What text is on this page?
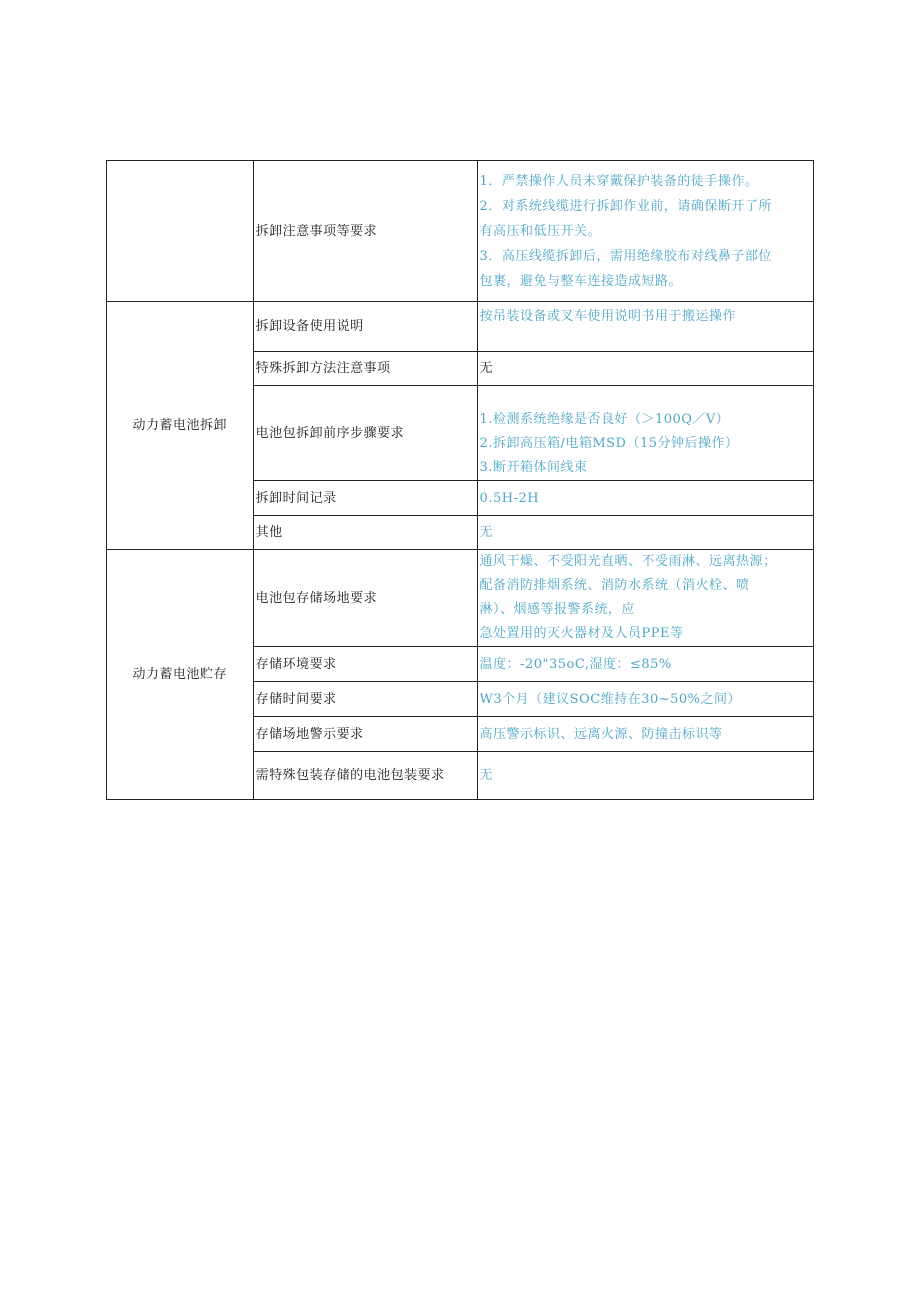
	拆卸注意事项等要求	1．严禁操作人员未穿戴保护装备的徒手操作。
2．对系统线缆进行拆卸作业前，请确保断开了所
有高压和低压开关。
3．高压线缆拆卸后，需用绝缘胶布对线鼻子部位
包裹，避免与整车连接造成短路。

动力蓄电池拆卸	拆卸设备使用说明	按吊装设备或叉车使用说明书用于搬运操作
	特殊拆卸方法注意事项	无
	电池包拆卸前序步骤要求	1.检测系统绝缘是否良好（＞100Q／V）
2.拆卸高压箱/电箱MSD（15分钟后操作）
3.断开箱体间线束

	拆卸时间记录	0.5H-2H
	其他	无
动力蓄电池贮存	电池包存储场地要求	通风干燥、不受阳光直晒、不受雨淋、远离热源；
配备消防排烟系统、消防水系统（消火栓、喷
淋）、烟感等报警系统，应
急处置用的灭火器材及人员PPE等

	存储环境要求	温度：-20"35oC,湿度：≤85%
	存储时间要求	W3个月（建议SOC维持在30~50%之间）
	存储场地警示要求	高压警示标识、远离火源、防撞击标识等
	需特殊包装存储的电池包装要求	无
